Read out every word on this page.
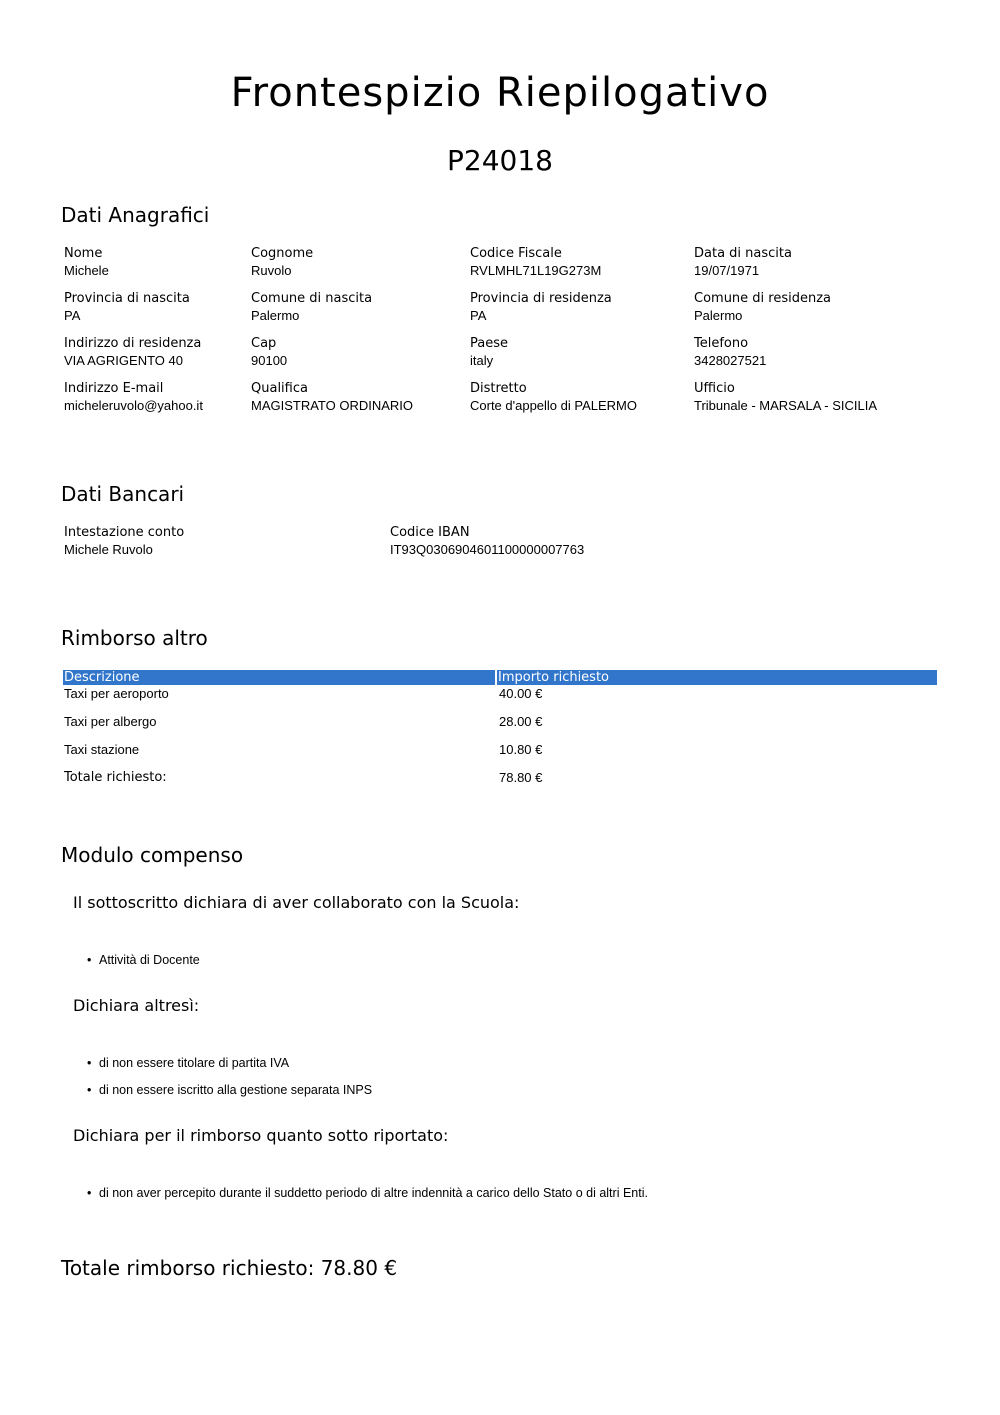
Frontespizio Riepilogativo
P24018
Dati Anagrafici
Nome
Michele
Cognome
Ruvolo
Codice Fiscale
RVLMHL71L19G273M
Data di nascita
19/07/1971
Provincia di nascita
PA
Comune di nascita
Palermo
Provincia di residenza
PA
Comune di residenza
Palermo
Indirizzo di residenza
VIA AGRIGENTO 40
Cap
90100
Paese
italy
Telefono
3428027521
Indirizzo E-mail
micheleruvolo@yahoo.it
Qualifica
MAGISTRATO ORDINARIO
Distretto
Corte d'appello di PALERMO
Ufficio
Tribunale - MARSALA - SICILIA
Dati Bancari
Intestazione conto
Michele Ruvolo
Codice IBAN
IT93Q0306904601100000007763
Rimborso altro
Descrizione	Importo richiesto
Taxi per aeroporto	40.00 €
Taxi per albergo	28.00 €
Taxi stazione	10.80 €
Totale richiesto:	78.80 €
Modulo compenso
Il sottoscritto dichiara di aver collaborato con la Scuola:
• Attività di Docente
Dichiara altresì:
• di non essere titolare di partita IVA
• di non essere iscritto alla gestione separata INPS
Dichiara per il rimborso quanto sotto riportato:
• di non aver percepito durante il suddetto periodo di altre indennità a carico dello Stato o di altri Enti.
Totale rimborso richiesto: 78.80 €
